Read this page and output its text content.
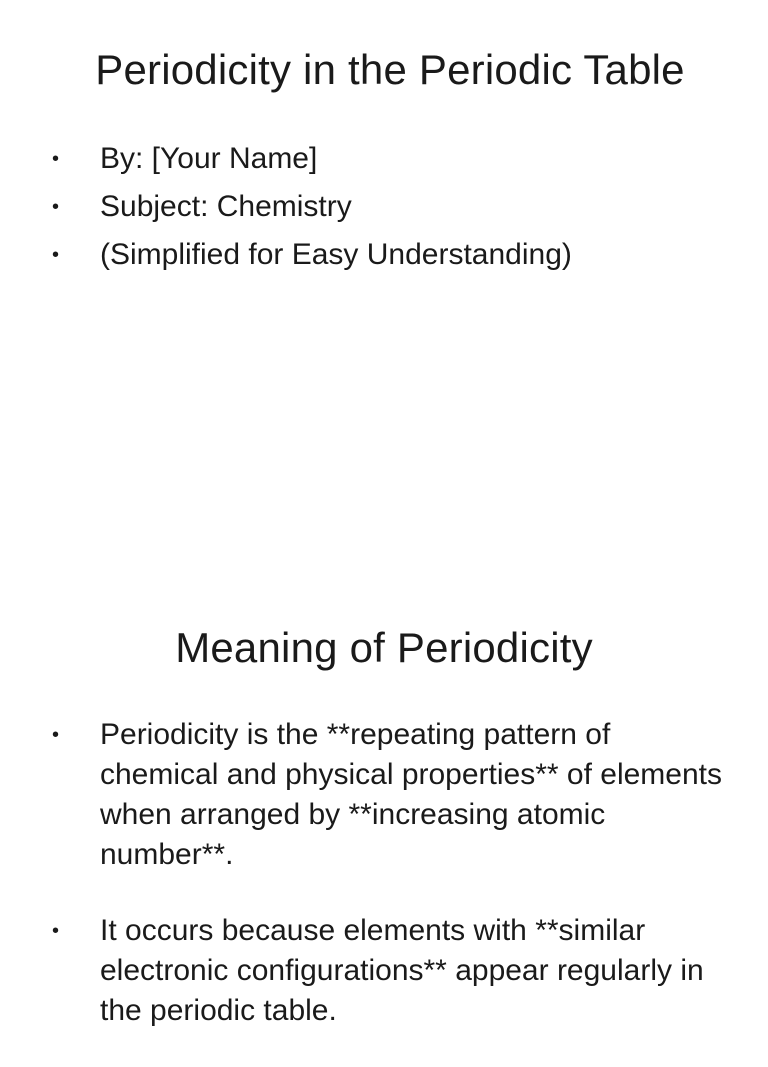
Periodicity in the Periodic Table
• By: [Your Name]
• Subject: Chemistry
• (Simplified for Easy Understanding)
Meaning of Periodicity
• Periodicity is the **repeating pattern of chemical and physical properties** of elements when arranged by **increasing atomic number**.
• It occurs because elements with **similar electronic configurations** appear regularly in the periodic table.
